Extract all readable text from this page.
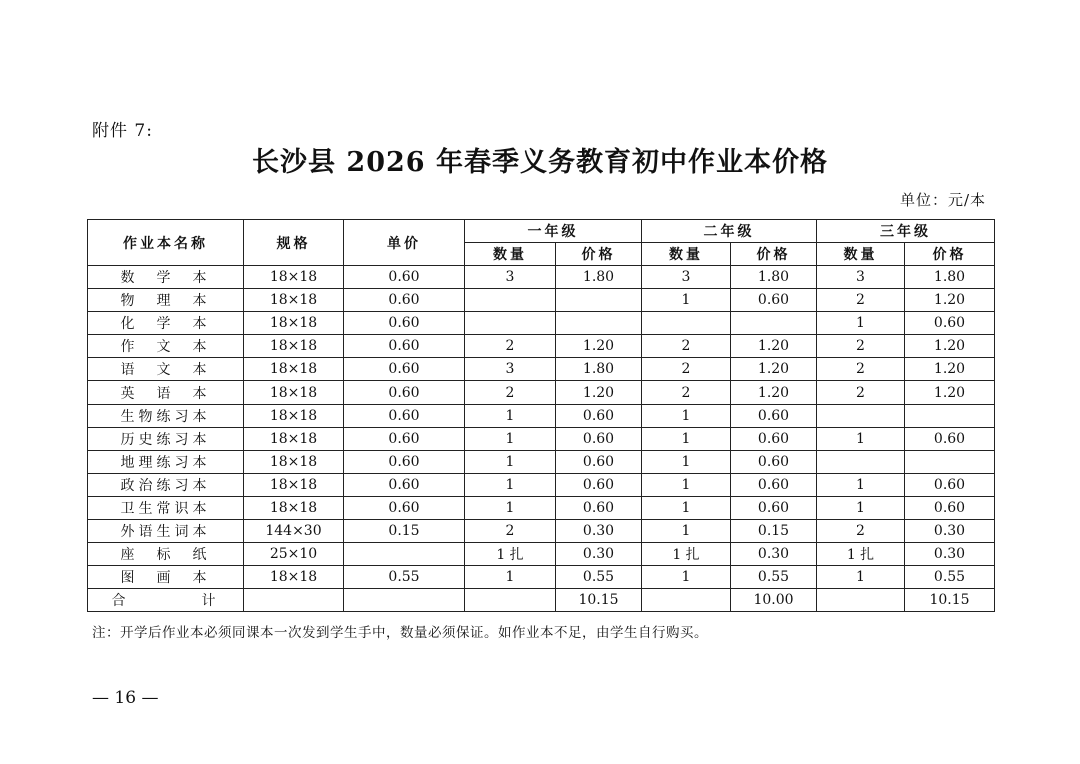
附件 7:
长沙县 2026 年春季义务教育初中作业本价格
单位：元/本
作业本名称	规格	单价	一年级		二年级		三年级	
			数量	价格	数量	价格	数量	价格
数　学　本	18×18	0.60	3	1.80	3	1.80	3	1.80
物　理　本	18×18	0.60			1	0.60	2	1.20
化　学　本	18×18	0.60					1	0.60
作　文　本	18×18	0.60	2	1.20	2	1.20	2	1.20
语　文　本	18×18	0.60	3	1.80	2	1.20	2	1.20
英　语　本	18×18	0.60	2	1.20	2	1.20	2	1.20
生物练习本	18×18	0.60	1	0.60	1	0.60		
历史练习本	18×18	0.60	1	0.60	1	0.60	1	0.60
地理练习本	18×18	0.60	1	0.60	1	0.60		
政治练习本	18×18	0.60	1	0.60	1	0.60	1	0.60
卫生常识本	18×18	0.60	1	0.60	1	0.60	1	0.60
外语生词本	144×30	0.15	2	0.30	1	0.15	2	0.30
座　标　纸	25×10		1 扎	0.30	1 扎	0.30	1 扎	0.30
图　画　本	18×18	0.55	1	0.55	1	0.55	1	0.55
合　　　　计				10.15		10.00		10.15
注：开学后作业本必须同课本一次发到学生手中，数量必须保证。如作业本不足，由学生自行购买。
— 16 —
